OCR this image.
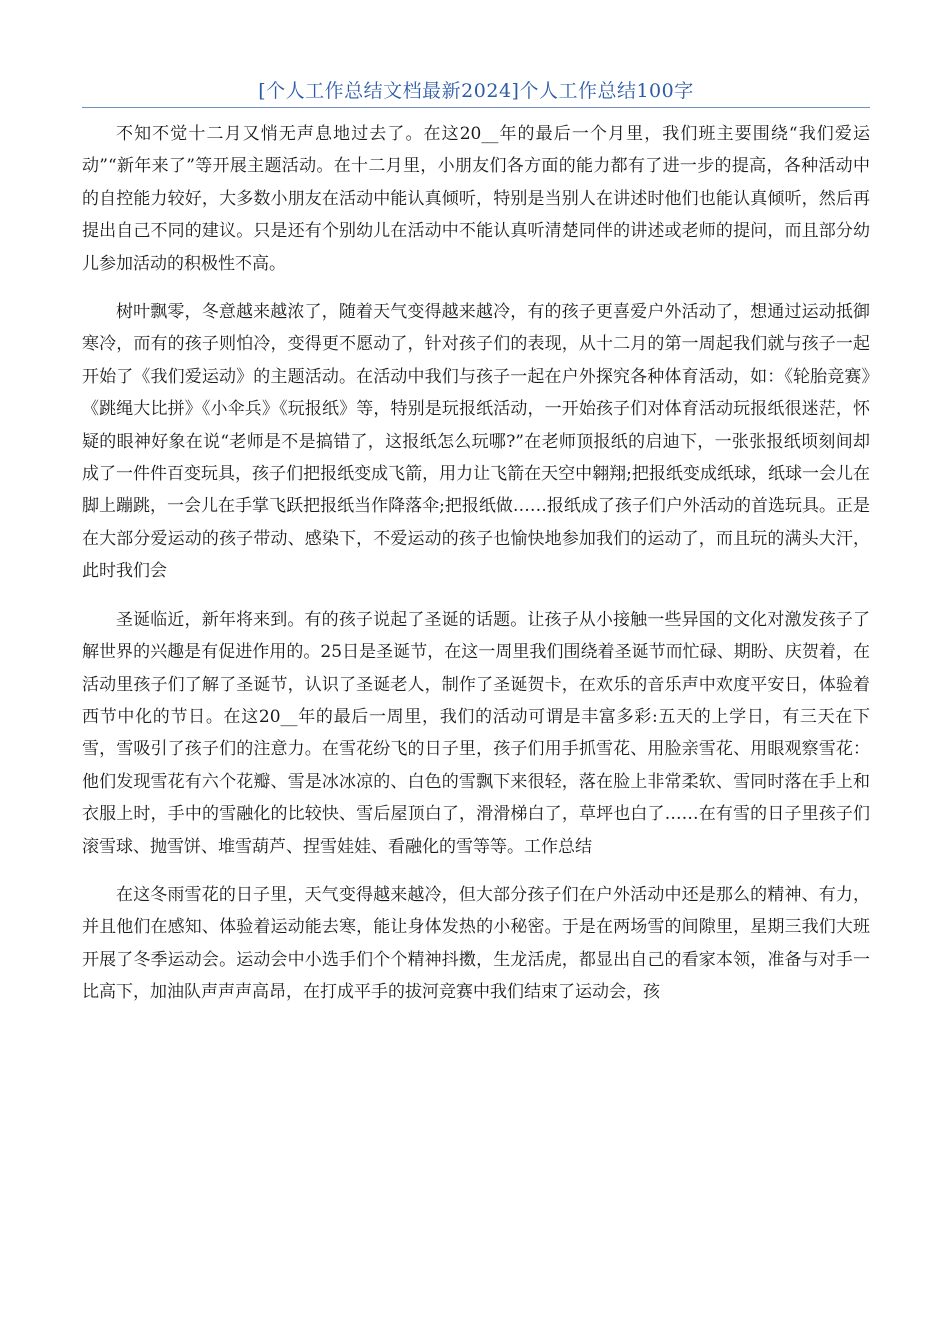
[个人工作总结文档最新2024]个人工作总结100字

不知不觉十二月又悄无声息地过去了。在这20__年的最后一个月里，我们班主要围绕“我们爱运动”“新年来了”等开展主题活动。在十二月里，小朋友们各方面的能力都有了进一步的提高，各种活动中的自控能力较好，大多数小朋友在活动中能认真倾听，特别是当别人在讲述时他们也能认真倾听，然后再提出自己不同的建议。只是还有个别幼儿在活动中不能认真听清楚同伴的讲述或老师的提问，而且部分幼儿参加活动的积极性不高。

树叶飘零，冬意越来越浓了，随着天气变得越来越冷，有的孩子更喜爱户外活动了，想通过运动抵御寒冷，而有的孩子则怕冷，变得更不愿动了，针对孩子们的表现，从十二月的第一周起我们就与孩子一起开始了《我们爱运动》的主题活动。在活动中我们与孩子一起在户外探究各种体育活动，如：《轮胎竞赛》《跳绳大比拼》《小伞兵》《玩报纸》等，特别是玩报纸活动，一开始孩子们对体育活动玩报纸很迷茫，怀疑的眼神好象在说“老师是不是搞错了，这报纸怎么玩哪?”在老师顶报纸的启迪下，一张张报纸顷刻间却成了一件件百变玩具，孩子们把报纸变成飞箭，用力让飞箭在天空中翱翔;把报纸变成纸球，纸球一会儿在脚上蹦跳，一会儿在手掌飞跃把报纸当作降落伞;把报纸做……报纸成了孩子们户外活动的首选玩具。正是在大部分爱运动的孩子带动、感染下，不爱运动的孩子也愉快地参加我们的运动了，而且玩的满头大汗，此时我们会

圣诞临近，新年将来到。有的孩子说起了圣诞的话题。让孩子从小接触一些异国的文化对激发孩子了解世界的兴趣是有促进作用的。25日是圣诞节，在这一周里我们围绕着圣诞节而忙碌、期盼、庆贺着，在活动里孩子们了解了圣诞节，认识了圣诞老人，制作了圣诞贺卡，在欢乐的音乐声中欢度平安日，体验着西节中化的节日。在这20__年的最后一周里，我们的活动可谓是丰富多彩:五天的上学日，有三天在下雪，雪吸引了孩子们的注意力。在雪花纷飞的日子里，孩子们用手抓雪花、用脸亲雪花、用眼观察雪花：他们发现雪花有六个花瓣、雪是冰冰凉的、白色的雪飘下来很轻，落在脸上非常柔软、雪同时落在手上和衣服上时，手中的雪融化的比较快、雪后屋顶白了，滑滑梯白了，草坪也白了……在有雪的日子里孩子们滚雪球、抛雪饼、堆雪葫芦、捏雪娃娃、看融化的雪等等。工作总结

在这冬雨雪花的日子里，天气变得越来越冷，但大部分孩子们在户外活动中还是那么的精神、有力，并且他们在感知、体验着运动能去寒，能让身体发热的小秘密。于是在两场雪的间隙里，星期三我们大班开展了冬季运动会。运动会中小选手们个个精神抖擞，生龙活虎，都显出自己的看家本领，准备与对手一比高下，加油队声声声高昂，在打成平手的拔河竞赛中我们结束了运动会，孩
